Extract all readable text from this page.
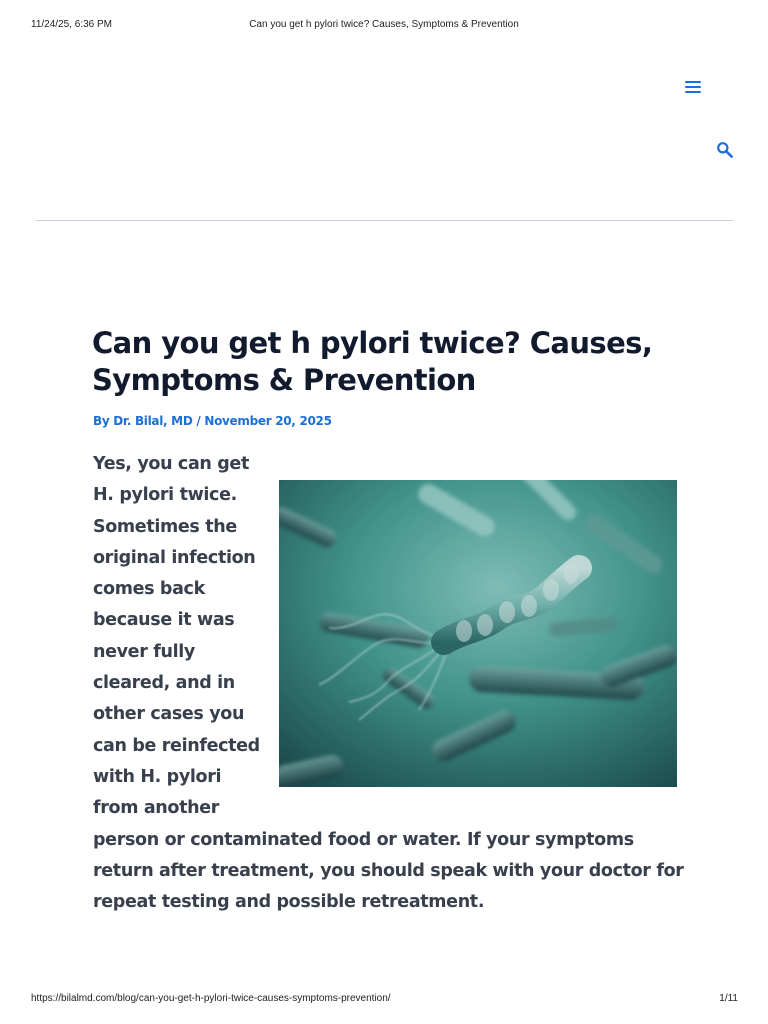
11/24/25, 6:36 PM	Can you get h pylori twice? Causes, Symptoms & Prevention
Can you get h pylori twice? Causes,
Symptoms & Prevention
By Dr. Bilal, MD / November 20, 2025
Yes, you can get
H. pylori twice.
Sometimes the
original infection
comes back
because it was
never fully
cleared, and in
other cases you
can be reinfected
with H. pylori
from another
person or contaminated food or water. If your symptoms
return after treatment, you should speak with your doctor for
repeat testing and possible retreatment.
https://bilalmd.com/blog/can-you-get-h-pylori-twice-causes-symptoms-prevention/	1/11
